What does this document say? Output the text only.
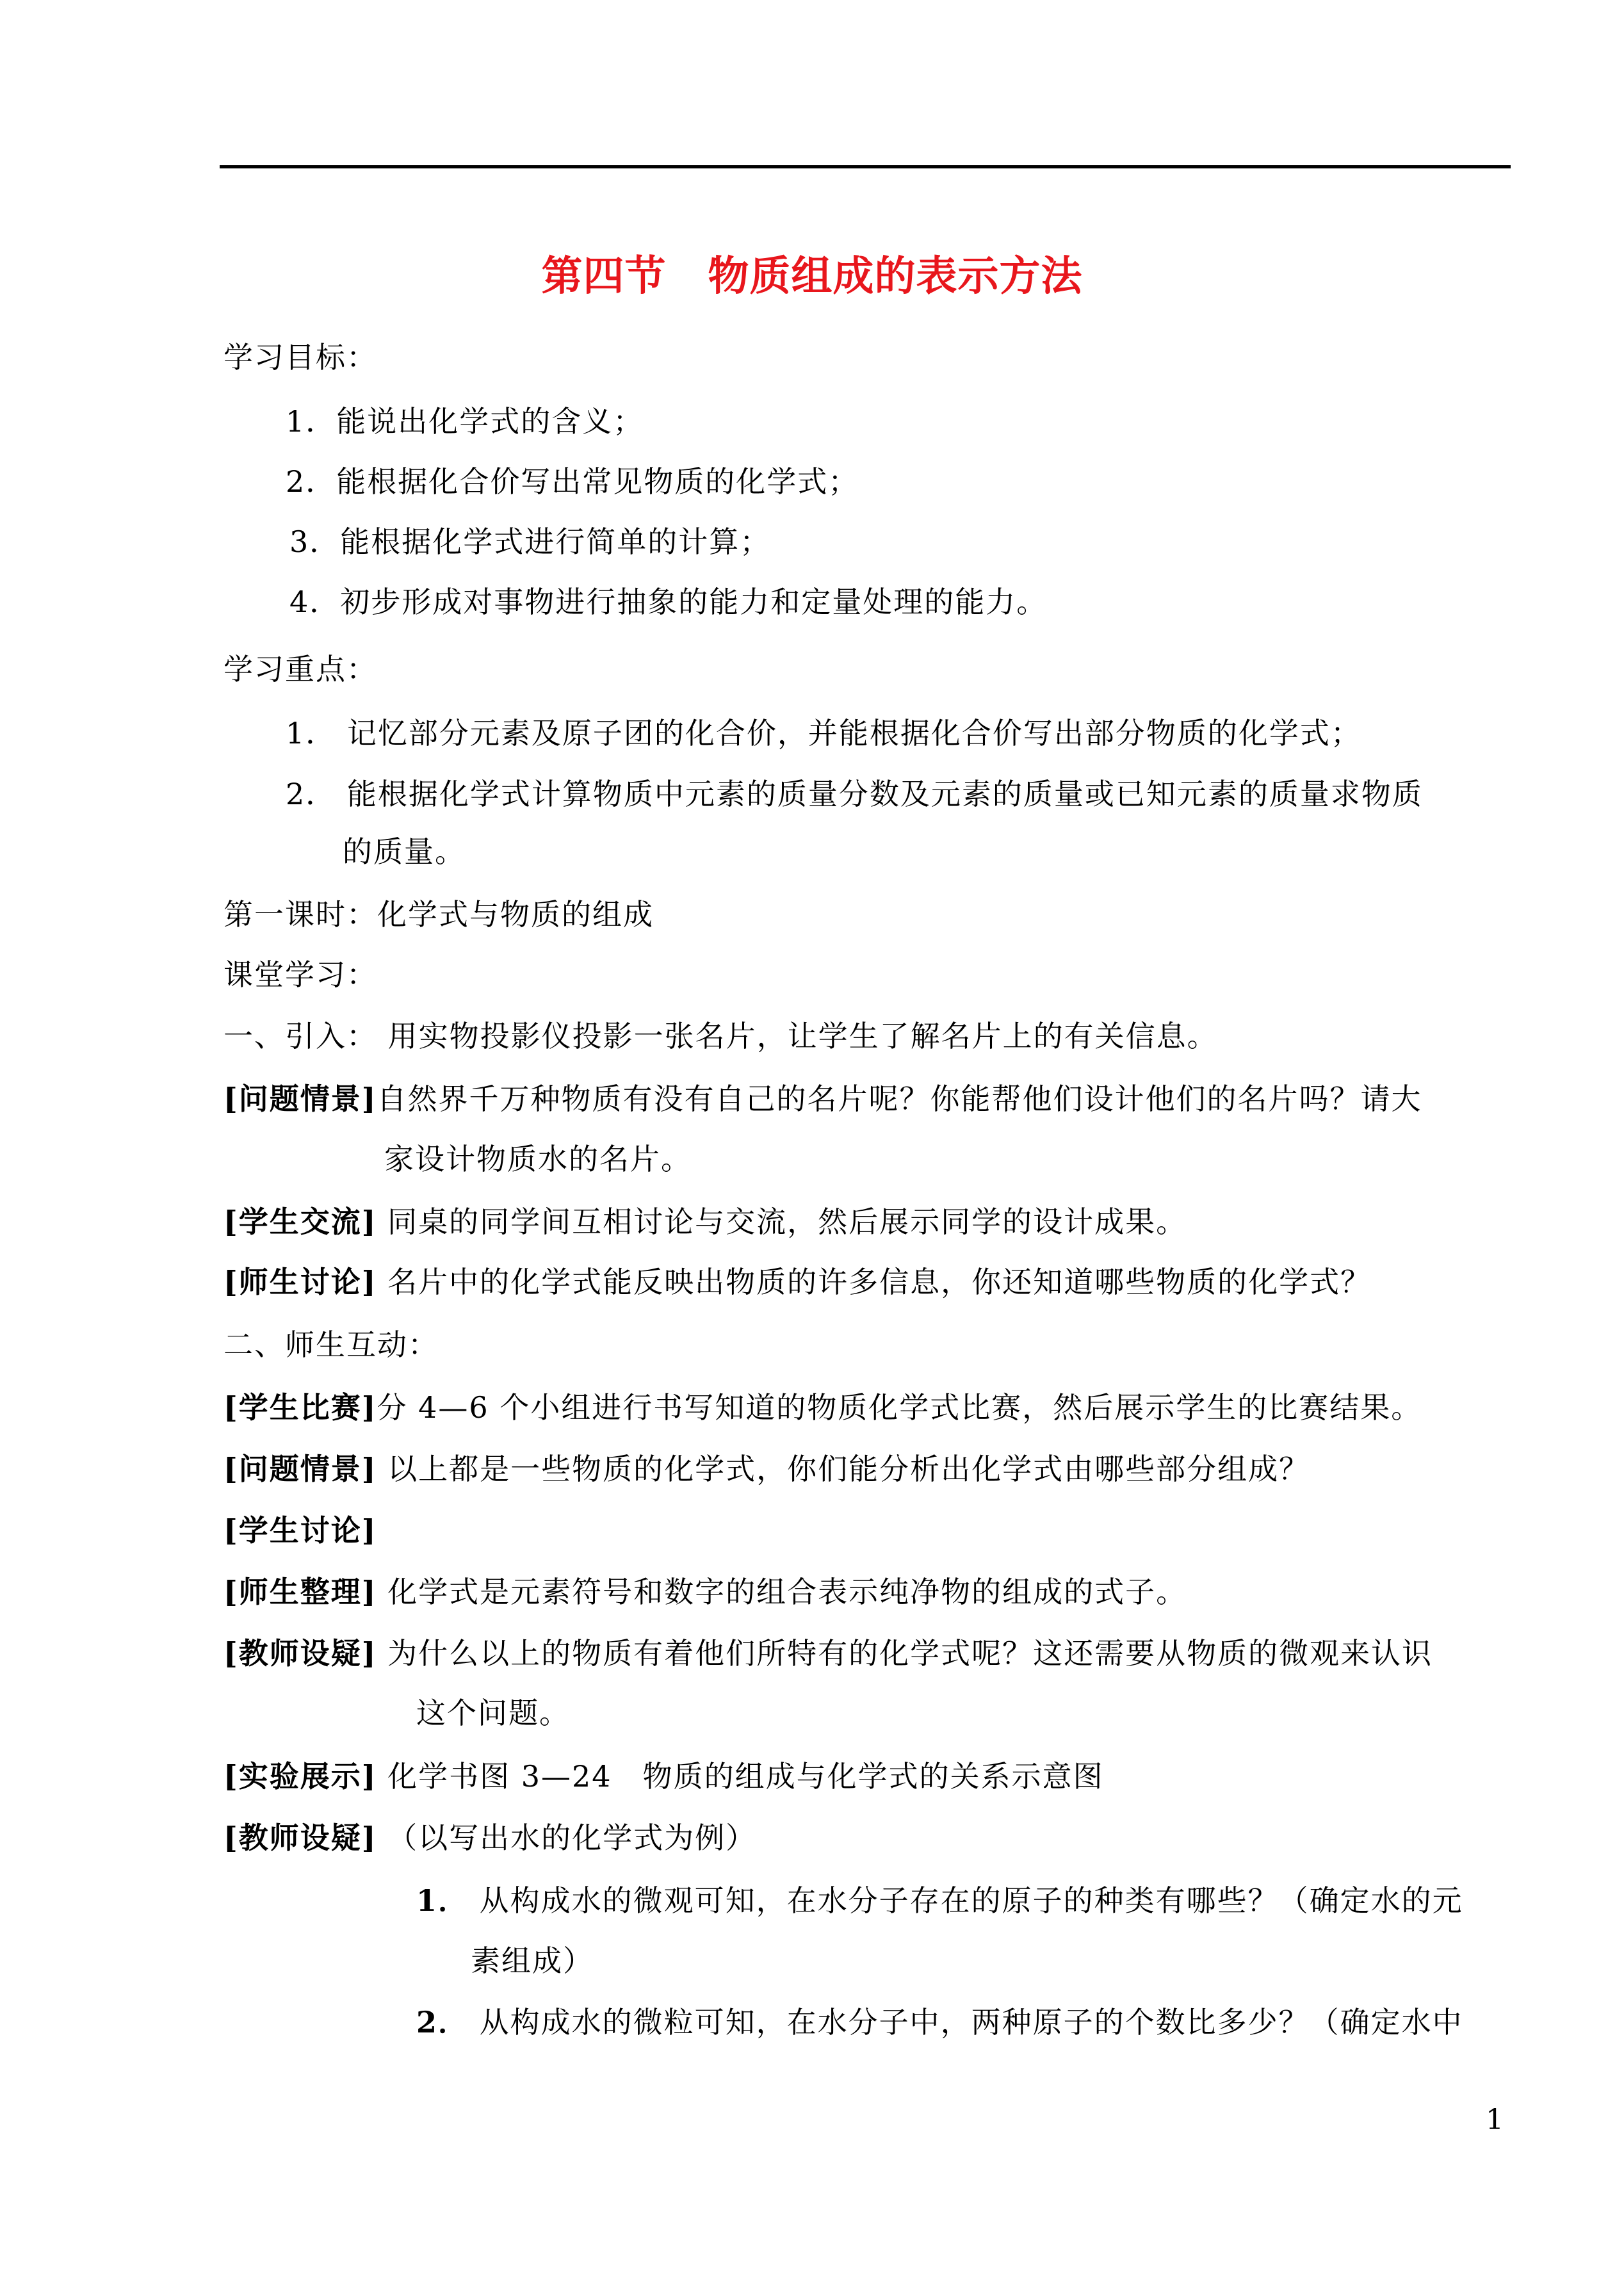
第四节　物质组成的表示方法
学习目标：
1．能说出化学式的含义；
2．能根据化合价写出常见物质的化学式；
3．能根据化学式进行简单的计算；
4．初步形成对事物进行抽象的能力和定量处理的能力。
学习重点：
1． 记忆部分元素及原子团的化合价，并能根据化合价写出部分物质的化学式；
2． 能根据化学式计算物质中元素的质量分数及元素的质量或已知元素的质量求物质
的质量。
第一课时：化学式与物质的组成
课堂学习：
一、引入： 用实物投影仪投影一张名片，让学生了解名片上的有关信息。
[问题情景]自然界千万种物质有没有自己的名片呢？你能帮他们设计他们的名片吗？请大
家设计物质水的名片。
[学生交流] 同桌的同学间互相讨论与交流，然后展示同学的设计成果。
[师生讨论] 名片中的化学式能反映出物质的许多信息，你还知道哪些物质的化学式？
二、师生互动：
[学生比赛]分 4—6 个小组进行书写知道的物质化学式比赛，然后展示学生的比赛结果。
[问题情景] 以上都是一些物质的化学式，你们能分析出化学式由哪些部分组成？
[学生讨论]
[师生整理] 化学式是元素符号和数字的组合表示纯净物的组成的式子。
[教师设疑] 为什么以上的物质有着他们所特有的化学式呢？这还需要从物质的微观来认识
这个问题。
[实验展示] 化学书图 3—24　物质的组成与化学式的关系示意图
[教师设疑] （以写出水的化学式为例）
1． 从构成水的微观可知，在水分子存在的原子的种类有哪些？（确定水的元
素组成）
2． 从构成水的微粒可知，在水分子中，两种原子的个数比多少？（确定水中
1
